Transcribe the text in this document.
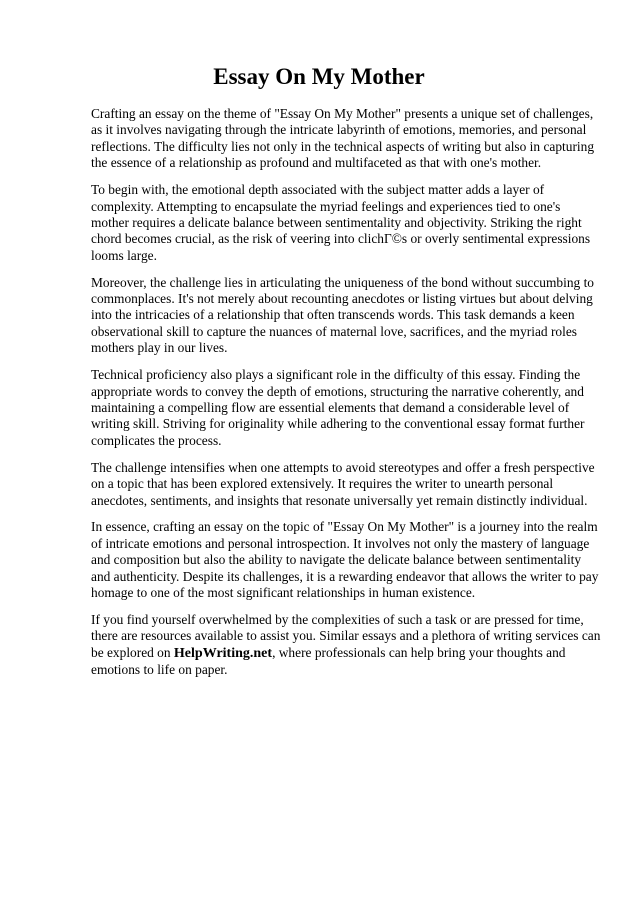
Essay On My Mother

Crafting an essay on the theme of "Essay On My Mother" presents a unique set of challenges, as it involves navigating through the intricate labyrinth of emotions, memories, and personal reflections. The difficulty lies not only in the technical aspects of writing but also in capturing the essence of a relationship as profound and multifaceted as that with one's mother.

To begin with, the emotional depth associated with the subject matter adds a layer of complexity. Attempting to encapsulate the myriad feelings and experiences tied to one's mother requires a delicate balance between sentimentality and objectivity. Striking the right chord becomes crucial, as the risk of veering into clichГ©s or overly sentimental expressions looms large.

Moreover, the challenge lies in articulating the uniqueness of the bond without succumbing to commonplaces. It's not merely about recounting anecdotes or listing virtues but about delving into the intricacies of a relationship that often transcends words. This task demands a keen observational skill to capture the nuances of maternal love, sacrifices, and the myriad roles mothers play in our lives.

Technical proficiency also plays a significant role in the difficulty of this essay. Finding the appropriate words to convey the depth of emotions, structuring the narrative coherently, and maintaining a compelling flow are essential elements that demand a considerable level of writing skill. Striving for originality while adhering to the conventional essay format further complicates the process.

The challenge intensifies when one attempts to avoid stereotypes and offer a fresh perspective on a topic that has been explored extensively. It requires the writer to unearth personal anecdotes, sentiments, and insights that resonate universally yet remain distinctly individual.

In essence, crafting an essay on the topic of "Essay On My Mother" is a journey into the realm of intricate emotions and personal introspection. It involves not only the mastery of language and composition but also the ability to navigate the delicate balance between sentimentality and authenticity. Despite its challenges, it is a rewarding endeavor that allows the writer to pay homage to one of the most significant relationships in human existence.

If you find yourself overwhelmed by the complexities of such a task or are pressed for time, there are resources available to assist you. Similar essays and a plethora of writing services can be explored on HelpWriting.net, where professionals can help bring your thoughts and emotions to life on paper.
